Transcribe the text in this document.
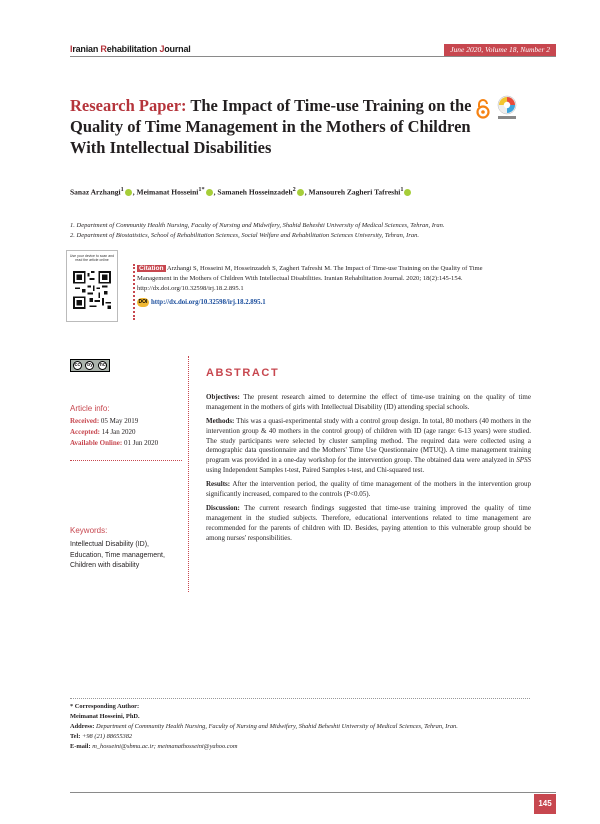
Iranian Rehabilitation Journal	June 2020, Volume 18, Number 2
Research Paper: The Impact of Time-use Training on the Quality of Time Management in the Mothers of Children With Intellectual Disabilities
Sanaz Arzhangi$^1$ , Meimanat Hosseini$^{1*}$ , Samaneh Hosseinzadeh$^2$ , Mansoureh Zagheri Tafreshi$^1$
1. Department of Community Health Nursing, Faculty of Nursing and Midwifery, Shahid Beheshti University of Medical Sciences, Tehran, Iran.
2. Department of Biostatistics, School of Rehabilitation Sciences, Social Welfare and Rehabilitation Sciences University, Tehran, Iran.
Use your device to scan and read the article online
Citation Arzhangi S, Hosseini M, Hosseinzadeh S, Zagheri Tafreshi M. The Impact of Time-use Training on the Quality of Time Management in the Mothers of Children With Intellectual Disabilities. Iranian Rehabilitation Journal. 2020; 18(2):145-154. http://dx.doi.org/10.32598/irj.18.2.895.1
DOI http://dx.doi.org/10.32598/irj.18.2.895.1
cc	by	nc
Article info:
Received: 05 May 2019
Accepted: 14 Jan 2020
Available Online: 01 Jun 2020
Keywords:
Intellectual Disability (ID), Education, Time management, Children with disability
ABSTRACT

Objectives: The present research aimed to determine the effect of time-use training on the quality of time management in the mothers of girls with Intellectual Disability (ID) attending special schools.

Methods: This was a quasi-experimental study with a control group design. In total, 80 mothers (40 mothers in the intervention group & 40 mothers in the control group) of children with ID (age range: 6-13 years) were studied. The study participants were selected by cluster sampling method. The required data were collected using a demographic data questionnaire and the Mothers' Time Use Questionnaire (MTUQ). A time management training program was provided in a one-day workshop for the intervention group. The obtained data were analyzed in SPSS using Independent Samples t-test, Paired Samples t-test, and Chi-squared test.

Results: After the intervention period, the quality of time management of the mothers in the intervention group significantly increased, compared to the controls (P<0.05).

Discussion: The current research findings suggested that time-use training improved the quality of time management in the studied subjects. Therefore, educational interventions related to time management are recommended for the parents of children with ID. Besides, paying attention to this vulnerable group should be among nurses' responsibilities.

* Corresponding Author:
Meimanat Hosseini, PhD.
Address: Department of Community Health Nursing, Faculty of Nursing and Midwifery, Shahid Beheshti University of Medical Sciences, Tehran, Iran.
Tel: +98 (21) 88655382
E-mail: m_hosseini@sbmu.ac.ir; meimanathosseini@yahoo.com
145
